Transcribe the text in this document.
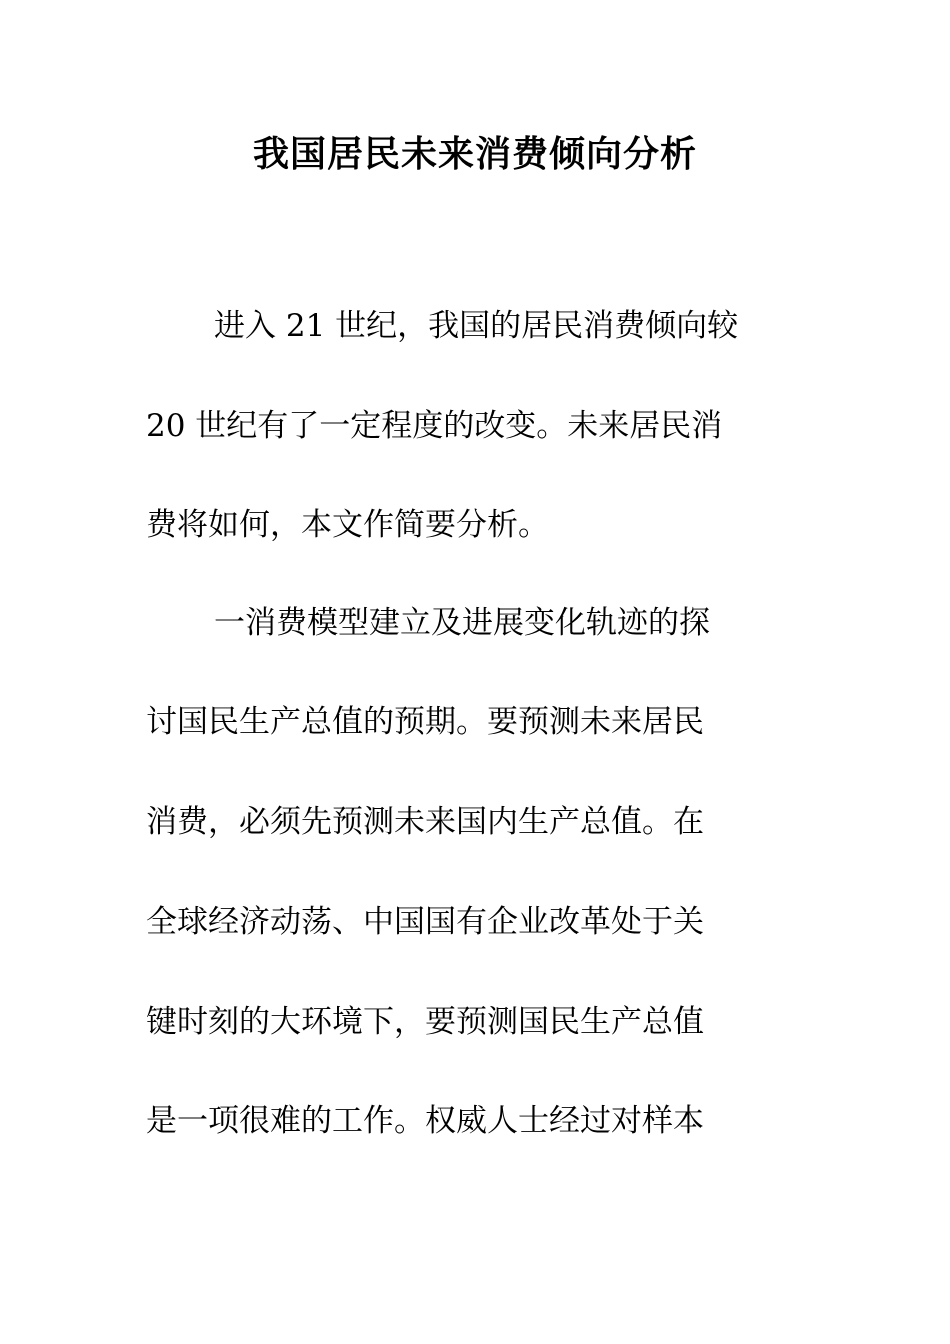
我国居民未来消费倾向分析

进入 21 世纪，我国的居民消费倾向较

20 世纪有了一定程度的改变。未来居民消

费将如何，本文作简要分析。

一消费模型建立及进展变化轨迹的探

讨国民生产总值的预期。要预测未来居民

消费，必须先预测未来国内生产总值。在

全球经济动荡、中国国有企业改革处于关

键时刻的大环境下，要预测国民生产总值

是一项很难的工作。权威人士经过对样本
